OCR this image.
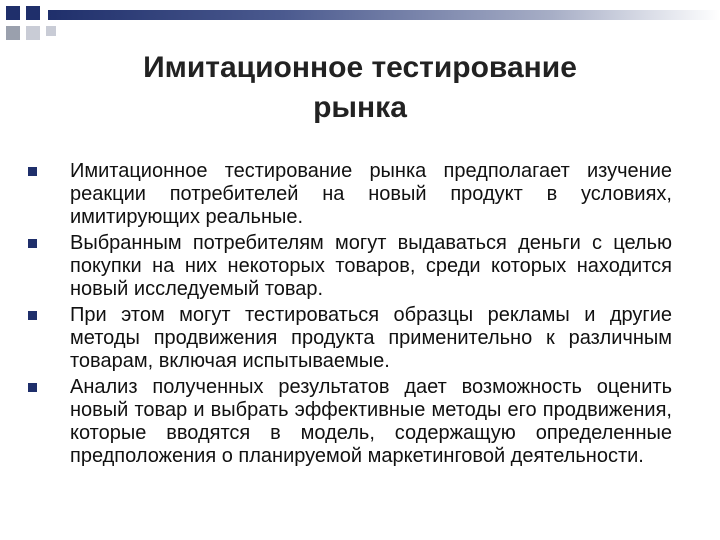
Имитационное тестирование
рынка
Имитационное тестирование рынка предполагает изучение реакции потребителей на новый продукт в условиях, имитирующих реальные.
Выбранным потребителям могут выдаваться деньги с целью покупки на них некоторых товаров, среди которых находится новый исследуемый товар.
При этом могут тестироваться образцы рекламы и другие методы продвижения продукта применительно к различным товарам, включая испытываемые.
Анализ полученных результатов дает возможность оценить новый товар и выбрать эффективные методы его продвижения, которые вводятся в модель, содержащую определенные предположения о планируемой маркетинговой деятельности.
